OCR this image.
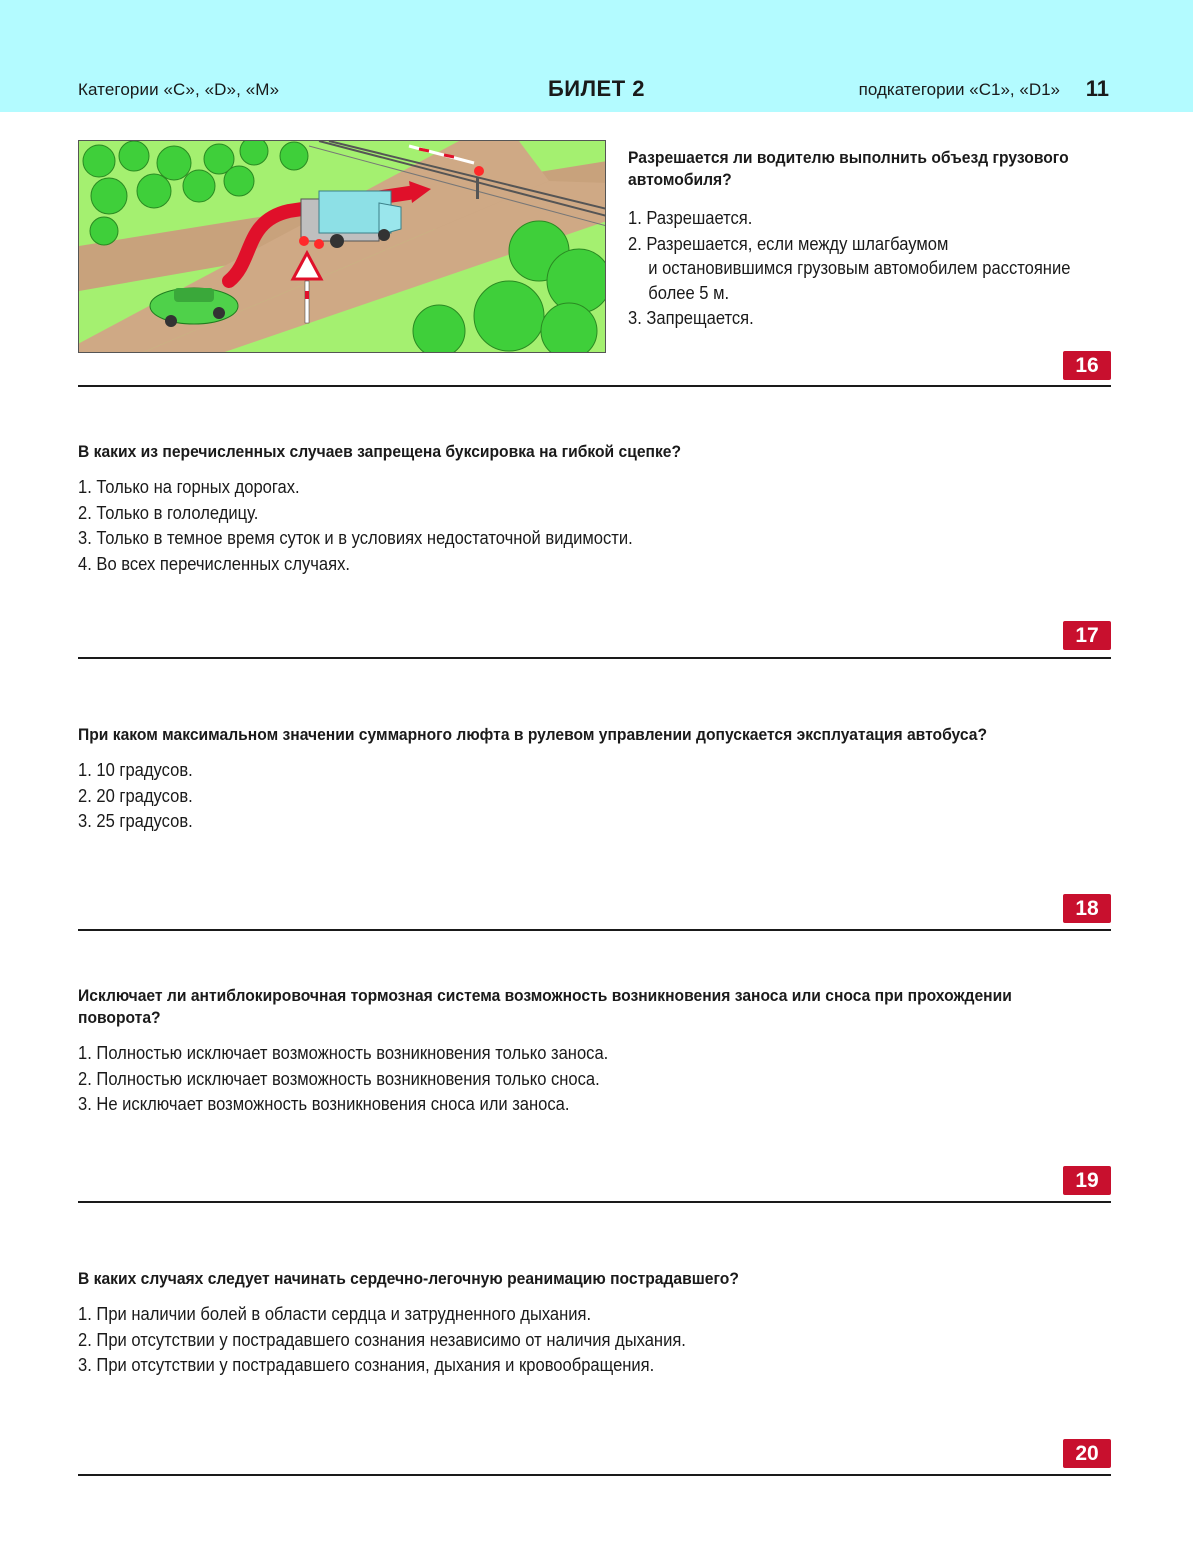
Категории «C», «D», «M»	БИЛЕТ 2	подкатегории «C1», «D1» 11
Разрешается ли водителю выполнить объезд грузового автомобиля?
1. Разрешается.
2. Разрешается, если между шлагбаумом
и остановившимся грузовым автомобилем расстояние
более 5 м.
3. Запрещается.
16
В каких из перечисленных случаев запрещена буксировка на гибкой сцепке?
1. Только на горных дорогах.
2. Только в гололедицу.
3. Только в темное время суток и в условиях недостаточной видимости.
4. Во всех перечисленных случаях.
17
При каком максимальном значении суммарного люфта в рулевом управлении допускается эксплуатация автобуса?
1. 10 градусов.
2. 20 градусов.
3. 25 градусов.
18
Исключает ли антиблокировочная тормозная система возможность возникновения заноса или сноса при прохождении поворота?
1. Полностью исключает возможность возникновения только заноса.
2. Полностью исключает возможность возникновения только сноса.
3. Не исключает возможность возникновения сноса или заноса.
19
В каких случаях следует начинать сердечно-легочную реанимацию пострадавшего?
1. При наличии болей в области сердца и затрудненного дыхания.
2. При отсутствии у пострадавшего сознания независимо от наличия дыхания.
3. При отсутствии у пострадавшего сознания, дыхания и кровообращения.
20
